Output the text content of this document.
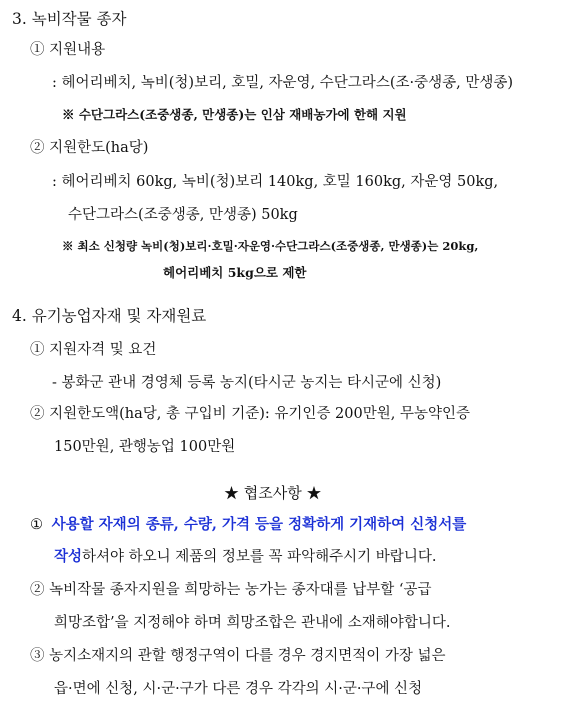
3. 녹비작물 종자
① 지원내용
: 헤어리베치, 녹비(청)보리, 호밀, 자운영, 수단그라스(조·중생종, 만생종)
※ 수단그라스(조중생종, 만생종)는 인삼 재배농가에 한해 지원
② 지원한도(ha당)
: 헤어리베치 60kg, 녹비(청)보리 140kg, 호밀 160kg, 자운영 50kg,
수단그라스(조중생종, 만생종) 50kg
※ 최소 신청량 녹비(청)보리·호밀·자운영·수단그라스(조중생종, 만생종)는 20kg,
헤어리베치 5kg으로 제한
4. 유기농업자재 및 자재원료
① 지원자격 및 요건
- 봉화군 관내 경영체 등록 농지(타시군 농지는 타시군에 신청)
② 지원한도액(ha당, 총 구입비 기준): 유기인증 200만원, 무농약인증
150만원, 관행농업 100만원
★ 협조사항 ★
① 사용할 자재의 종류, 수량, 가격 등을 정확하게 기재하여 신청서를
작성하셔야 하오니 제품의 정보를 꼭 파악해주시기 바랍니다.
② 녹비작물 종자지원을 희망하는 농가는 종자대를 납부할 ‘공급
희망조합’을 지정해야 하며 희망조합은 관내에 소재해야합니다.
③ 농지소재지의 관할 행정구역이 다를 경우 경지면적이 가장 넓은
읍·면에 신청, 시·군·구가 다른 경우 각각의 시·군·구에 신청
